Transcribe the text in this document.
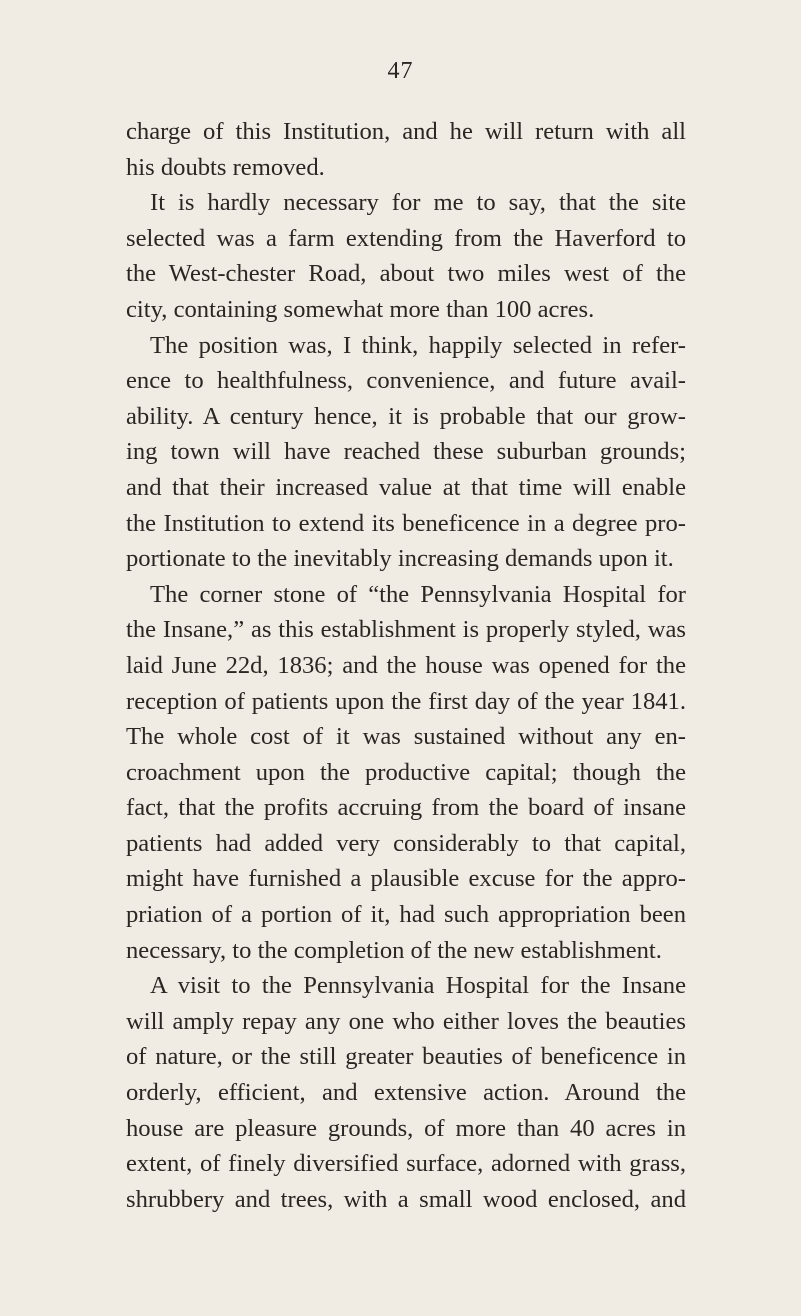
47
charge of this Institution, and he will return with all
his doubts removed.
It is hardly necessary for me to say, that the site
selected was a farm extending from the Haverford to
the West-chester Road, about two miles west of the
city, containing somewhat more than 100 acres.
The position was, I think, happily selected in refer-
ence to healthfulness, convenience, and future avail-
ability. A century hence, it is probable that our grow-
ing town will have reached these suburban grounds;
and that their increased value at that time will enable
the Institution to extend its beneficence in a degree pro-
portionate to the inevitably increasing demands upon it.
The corner stone of “the Pennsylvania Hospital for
the Insane,” as this establishment is properly styled, was
laid June 22d, 1836; and the house was opened for the
reception of patients upon the first day of the year 1841.
The whole cost of it was sustained without any en-
croachment upon the productive capital; though the
fact, that the profits accruing from the board of insane
patients had added very considerably to that capital,
might have furnished a plausible excuse for the appro-
priation of a portion of it, had such appropriation been
necessary, to the completion of the new establishment.
A visit to the Pennsylvania Hospital for the Insane
will amply repay any one who either loves the beauties
of nature, or the still greater beauties of beneficence in
orderly, efficient, and extensive action. Around the
house are pleasure grounds, of more than 40 acres in
extent, of finely diversified surface, adorned with grass,
shrubbery and trees, with a small wood enclosed, and
